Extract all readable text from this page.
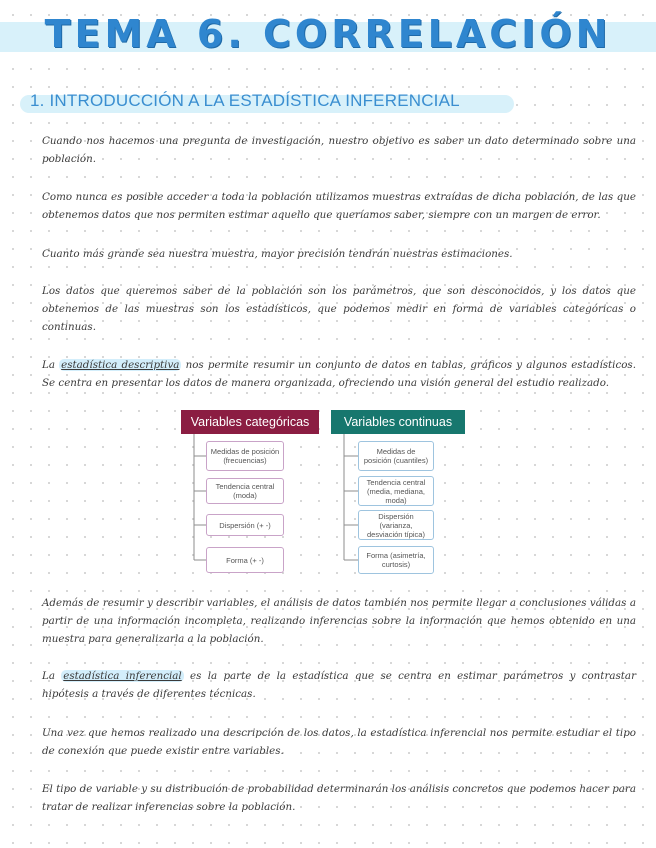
TEMA 6. CORRELACIÓN
1. INTRODUCCIÓN A LA ESTADÍSTICA INFERENCIAL

Cuando nos hacemos una pregunta de investigación, nuestro objetivo es saber un dato determinado sobre una población.

Como nunca es posible acceder a toda la población utilizamos muestras extraídas de dicha población, de las que obtenemos datos que nos permiten estimar aquello que queríamos saber, siempre con un margen de error.

Cuanto más grande sea nuestra muestra, mayor precisión tendrán nuestras estimaciones.

Los datos que queremos saber de la población son los parámetros, que son desconocidos, y los datos que obtenemos de las muestras son los estadísticos, que podemos medir en forma de variables categóricas o continuas.

La estadística descriptiva nos permite resumir un conjunto de datos en tablas, gráficos y algunos estadísticos. Se centra en presentar los datos de manera organizada, ofreciendo una visión general del estudio realizado.

Variables categóricas	Variables continuas
Medidas de posición (frecuencias)
Tendencia central (moda)
Dispersión (+ -)
Forma (+ -)
Medidas de posición (cuantiles)
Tendencia central (media, mediana, moda)
Dispersión (varianza, desviación típica)
Forma (asimetría, curtosis)

Además de resumir y describir variables, el análisis de datos también nos permite llegar a conclusiones válidas a partir de una información incompleta, realizando inferencias sobre la información que hemos obtenido en una muestra para generalizarla a la población.

La estadística inferencial es la parte de la estadística que se centra en estimar parámetros y contrastar hipótesis a través de diferentes técnicas.

Una vez que hemos realizado una descripción de los datos, la estadística inferencial nos permite estudiar el tipo de conexión que puede existir entre variables.

El tipo de variable y su distribución de probabilidad determinarán los análisis concretos que podemos hacer para tratar de realizar inferencias sobre la población.
